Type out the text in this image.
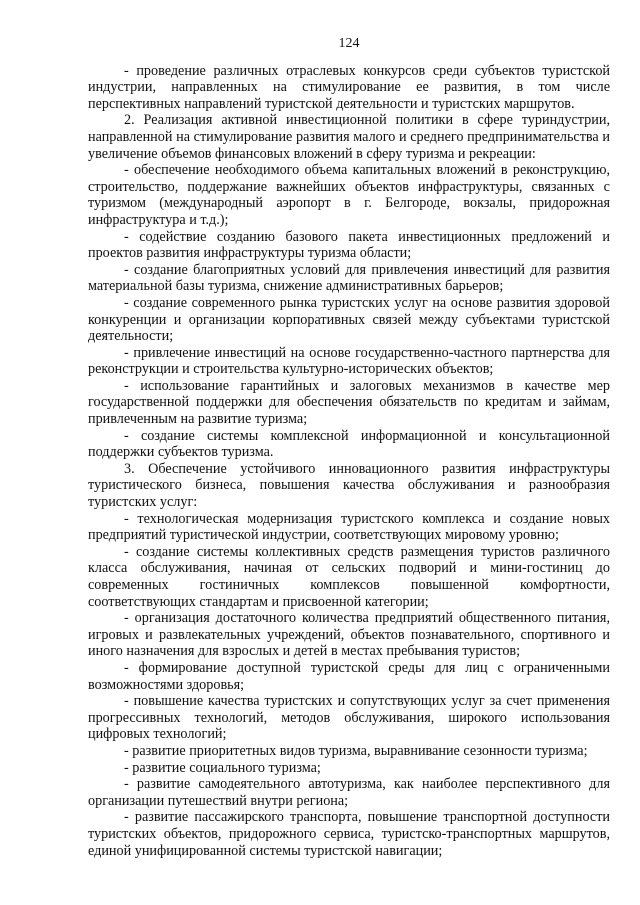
124

- проведение различных отраслевых конкурсов среди субъектов туристской индустрии, направленных на стимулирование ее развития, в том числе перспективных направлений туристской деятельности и туристских маршрутов.

2. Реализация активной инвестиционной политики в сфере туриндустрии, направленной на стимулирование развития малого и среднего предпринимательства и увеличение объемов финансовых вложений в сферу туризма и рекреации:

- обеспечение необходимого объема капитальных вложений в реконструкцию, строительство, поддержание важнейших объектов инфраструктуры, связанных с туризмом (международный аэропорт в г. Белгороде, вокзалы, придорожная инфраструктура и т.д.);

- содействие созданию базового пакета инвестиционных предложений и проектов развития инфраструктуры туризма области;

- создание благоприятных условий для привлечения инвестиций для развития материальной базы туризма, снижение административных барьеров;

- создание современного рынка туристских услуг на основе развития здоровой конкуренции и организации корпоративных связей между субъектами туристской деятельности;

- привлечение инвестиций на основе государственно-частного партнерства для реконструкции и строительства культурно-исторических объектов;

- использование гарантийных и залоговых механизмов в качестве мер государственной поддержки для обеспечения обязательств по кредитам и займам, привлеченным на развитие туризма;

- создание системы комплексной информационной и консультационной поддержки субъектов туризма.

3. Обеспечение устойчивого инновационного развития инфраструктуры туристического бизнеса, повышения качества обслуживания и разнообразия туристских услуг:

- технологическая модернизация туристского комплекса и создание новых предприятий туристической индустрии, соответствующих мировому уровню;

- создание системы коллективных средств размещения туристов различного класса обслуживания, начиная от сельских подворий и мини-гостиниц до современных гостиничных комплексов повышенной комфортности, соответствующих стандартам и присвоенной категории;

- организация достаточного количества предприятий общественного питания, игровых и развлекательных учреждений, объектов познавательного, спортивного и иного назначения для взрослых и детей в местах пребывания туристов;

- формирование доступной туристской среды для лиц с ограниченными возможностями здоровья;

- повышение качества туристских и сопутствующих услуг за счет применения прогрессивных технологий, методов обслуживания, широкого использования цифровых технологий;

- развитие приоритетных видов туризма, выравнивание сезонности туризма;

- развитие социального туризма;

- развитие самодеятельного автотуризма, как наиболее перспективного для организации путешествий внутри региона;

- развитие пассажирского транспорта, повышение транспортной доступности туристских объектов, придорожного сервиса, туристско-транспортных маршрутов, единой унифицированной системы туристской навигации;
